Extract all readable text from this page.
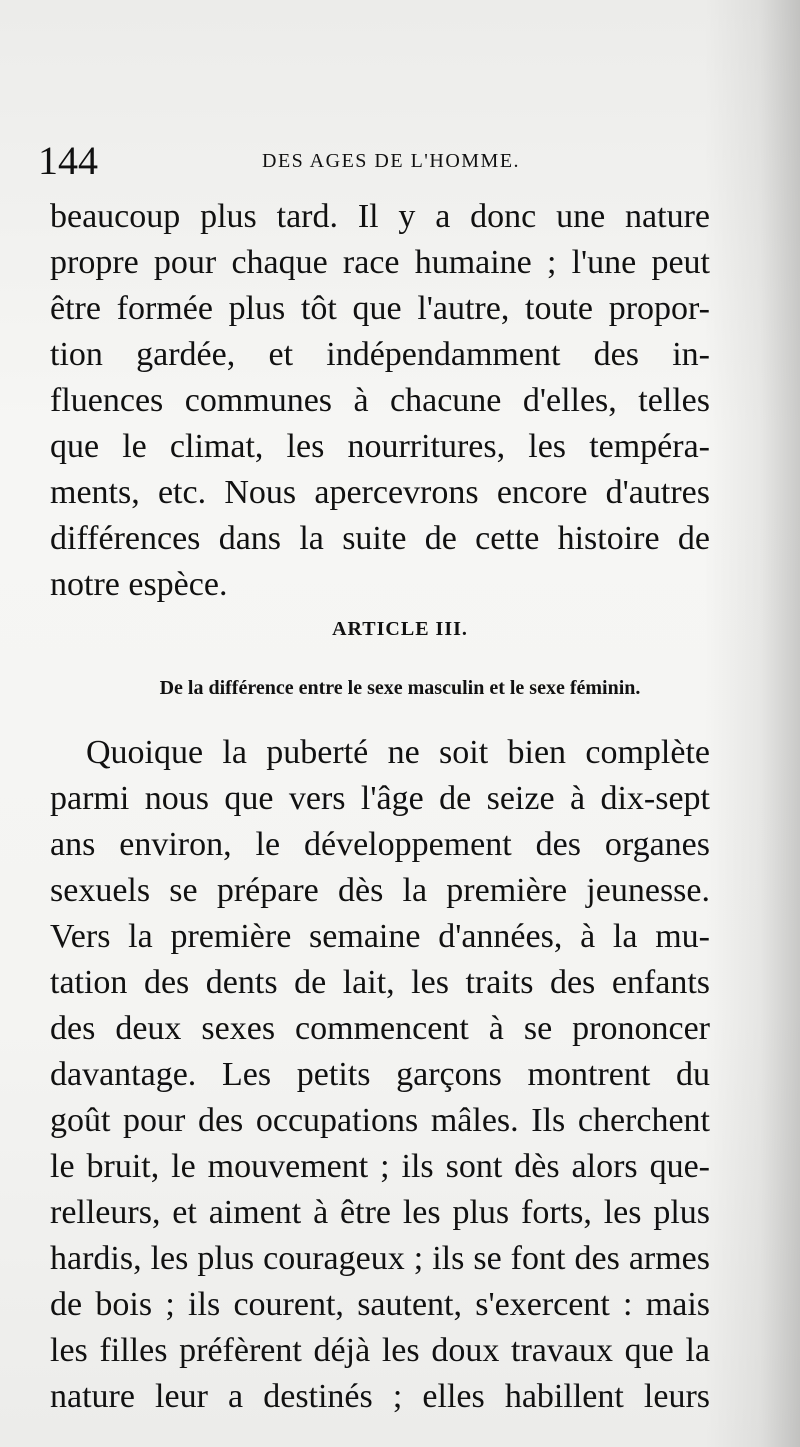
144	DES AGES DE L'HOMME.
beaucoup plus tard. Il y a donc une nature
propre pour chaque race humaine ; l'une peut
être formée plus tôt que l'autre, toute propor-
tion gardée, et indépendamment des in-
fluences communes à chacune d'elles, telles
que le climat, les nourritures, les tempéra-
ments, etc. Nous apercevrons encore d'autres
différences dans la suite de cette histoire de
notre espèce.
ARTICLE III.
De la différence entre le sexe masculin et le sexe féminin.
Quoique la puberté ne soit bien complète
parmi nous que vers l'âge de seize à dix-sept
ans environ, le développement des organes
sexuels se prépare dès la première jeunesse.
Vers la première semaine d'années, à la mu-
tation des dents de lait, les traits des enfants
des deux sexes commencent à se prononcer
davantage. Les petits garçons montrent du
goût pour des occupations mâles. Ils cherchent
le bruit, le mouvement ; ils sont dès alors que-
relleurs, et aiment à être les plus forts, les plus
hardis, les plus courageux ; ils se font des armes
de bois ; ils courent, sautent, s'exercent : mais
les filles préfèrent déjà les doux travaux que la
nature leur a destinés ; elles habillent leurs
